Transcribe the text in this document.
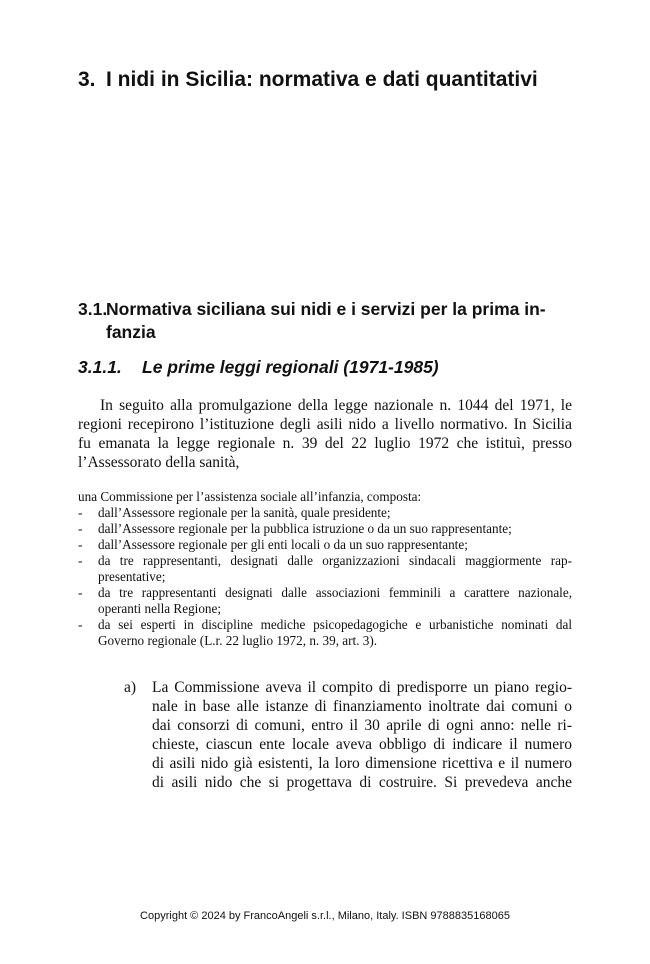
3. I nidi in Sicilia: normativa e dati quantitativi
3.1.Normativa siciliana sui nidi e i servizi per la prima in-
fanzia
3.1.1. Le prime leggi regionali (1971-1985)

In seguito alla promulgazione della legge nazionale n. 1044 del 1971, le
regioni recepirono l’istituzione degli asili nido a livello normativo. In Sicilia
fu emanata la legge regionale n. 39 del 22 luglio 1972 che istituì, presso
l’Assessorato della sanità,

una Commissione per l’assistenza sociale all’infanzia, composta:
- dall’Assessore regionale per la sanità, quale presidente;
- dall’Assessore regionale per la pubblica istruzione o da un suo rappresentante;
- dall’Assessore regionale per gli enti locali o da un suo rappresentante;
- da tre rappresentanti, designati dalle organizzazioni sindacali maggiormente rap-
presentative;
- da tre rappresentanti designati dalle associazioni femminili a carattere nazionale,
operanti nella Regione;
- da sei esperti in discipline mediche psicopedagogiche e urbanistiche nominati dal
Governo regionale (L.r. 22 luglio 1972, n. 39, art. 3).
a) La Commissione aveva il compito di predisporre un piano regio-
nale in base alle istanze di finanziamento inoltrate dai comuni o
dai consorzi di comuni, entro il 30 aprile di ogni anno: nelle ri-
chieste, ciascun ente locale aveva obbligo di indicare il numero
di asili nido già esistenti, la loro dimensione ricettiva e il numero
di asili nido che si progettava di costruire. Si prevedeva anche
Copyright © 2024 by FrancoAngeli s.r.l., Milano, Italy. ISBN 9788835168065
